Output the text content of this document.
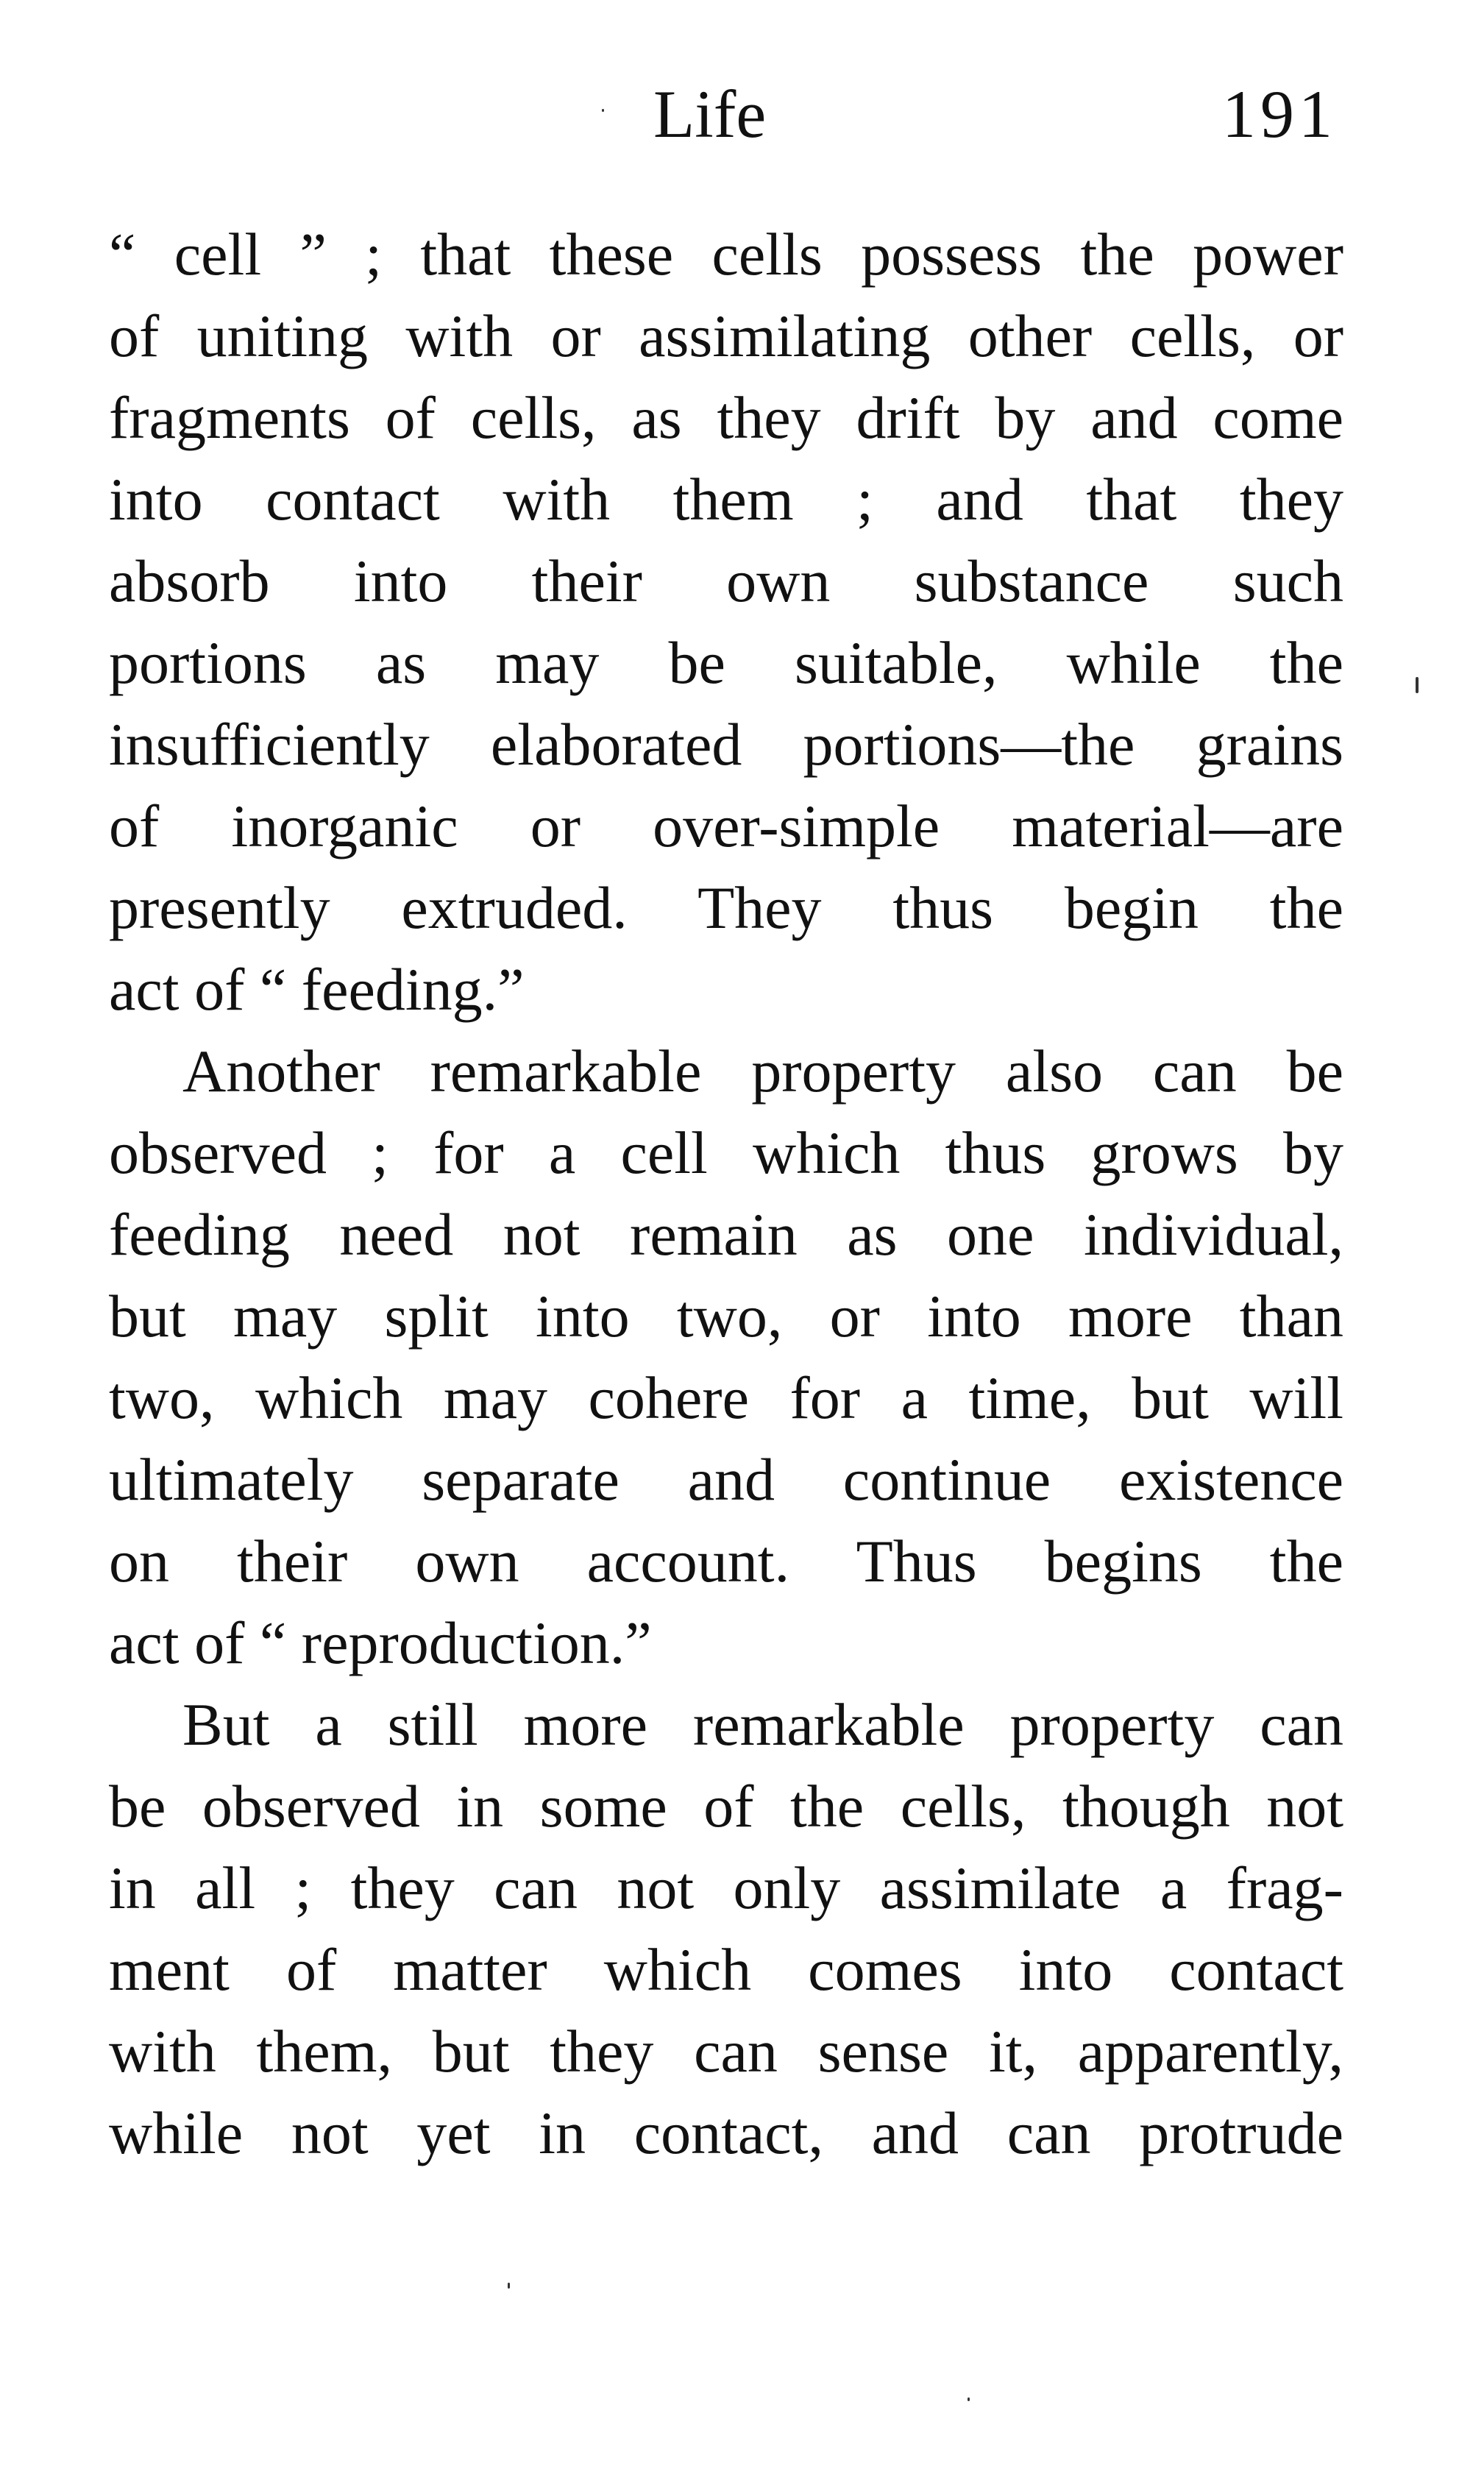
Life	191
“ cell ” ; that these cells possess the power
of uniting with or assimilating other cells, or
fragments of cells, as they drift by and come
into contact with them ; and that they
absorb into their own substance such
portions as may be suitable, while the
insufficiently elaborated portions—the grains
of inorganic or over-simple material—are
presently extruded. They thus begin the
act of “ feeding.”
Another remarkable property also can be
observed ; for a cell which thus grows by
feeding need not remain as one individual,
but may split into two, or into more than
two, which may cohere for a time, but will
ultimately separate and continue existence
on their own account. Thus begins the
act of “ reproduction.”
But a still more remarkable property can
be observed in some of the cells, though not
in all ; they can not only assimilate a frag-
ment of matter which comes into contact
with them, but they can sense it, apparently,
while not yet in contact, and can protrude
